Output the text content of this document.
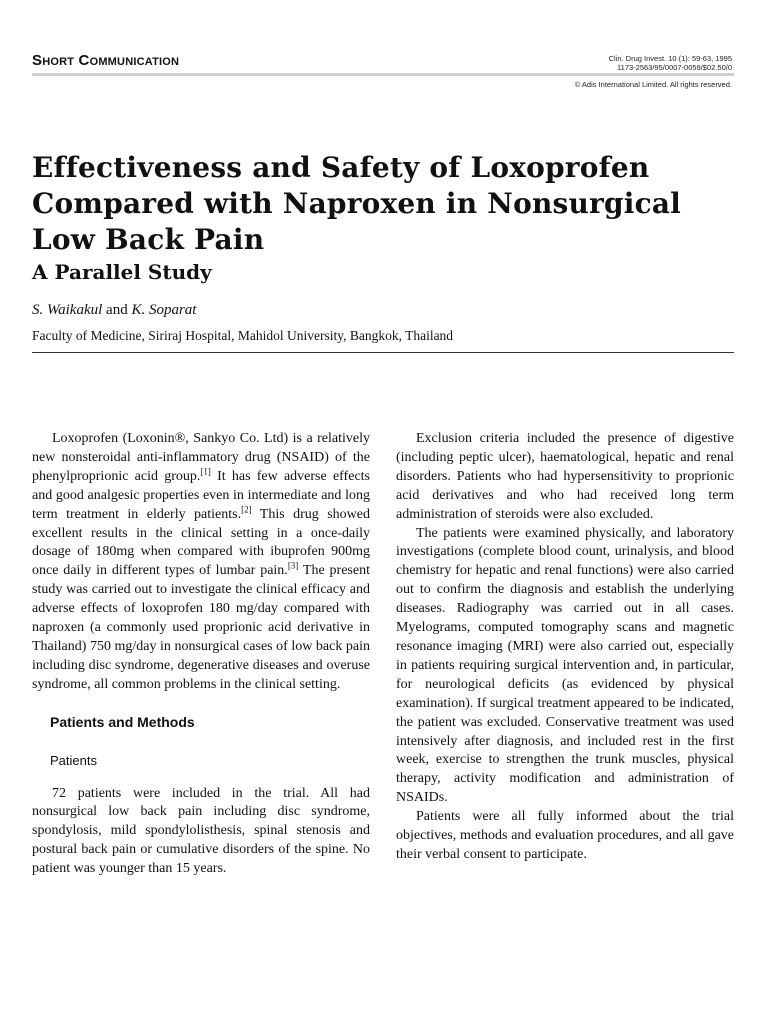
Short Communication	Clin. Drug Invest. 10 (1): 59-63, 1995
1173-2563/95/0007-0059/$02.50/0
© Adis International Limited. All rights reserved.
Effectiveness and Safety of Loxoprofen Compared with Naproxen in Nonsurgical Low Back Pain
A Parallel Study
S. Waikakul and K. Soparat
Faculty of Medicine, Siriraj Hospital, Mahidol University, Bangkok, Thailand

Loxoprofen (Loxonin®, Sankyo Co. Ltd) is a relatively new nonsteroidal anti-inflammatory drug (NSAID) of the phenylproprionic acid group.[1] It has few adverse effects and good analgesic properties even in intermediate and long term treatment in elderly patients.[2] This drug showed excellent results in the clinical setting in a once-daily dosage of 180mg when compared with ibuprofen 900mg once daily in different types of lumbar pain.[3] The present study was carried out to investigate the clinical efficacy and adverse effects of loxoprofen 180 mg/day compared with naproxen (a commonly used proprionic acid derivative in Thailand) 750 mg/day in nonsurgical cases of low back pain including disc syndrome, degenerative diseases and overuse syndrome, all common problems in the clinical setting.

Patients and Methods
Patients

72 patients were included in the trial. All had nonsurgical low back pain including disc syndrome, spondylosis, mild spondylolisthesis, spinal stenosis and postural back pain or cumulative disorders of the spine. No patient was younger than 15 years.

Exclusion criteria included the presence of digestive (including peptic ulcer), haematological, hepatic and renal disorders. Patients who had hypersensitivity to proprionic acid derivatives and who had received long term administration of steroids were also excluded.

The patients were examined physically, and laboratory investigations (complete blood count, urinalysis, and blood chemistry for hepatic and renal functions) were also carried out to confirm the diagnosis and establish the underlying diseases. Radiography was carried out in all cases. Myelograms, computed tomography scans and magnetic resonance imaging (MRI) were also carried out, especially in patients requiring surgical intervention and, in particular, for neurological deficits (as evidenced by physical examination). If surgical treatment appeared to be indicated, the patient was excluded. Conservative treatment was used intensively after diagnosis, and included rest in the first week, exercise to strengthen the trunk muscles, physical therapy, activity modification and administration of NSAIDs.

Patients were all fully informed about the trial objectives, methods and evaluation procedures, and all gave their verbal consent to participate.
